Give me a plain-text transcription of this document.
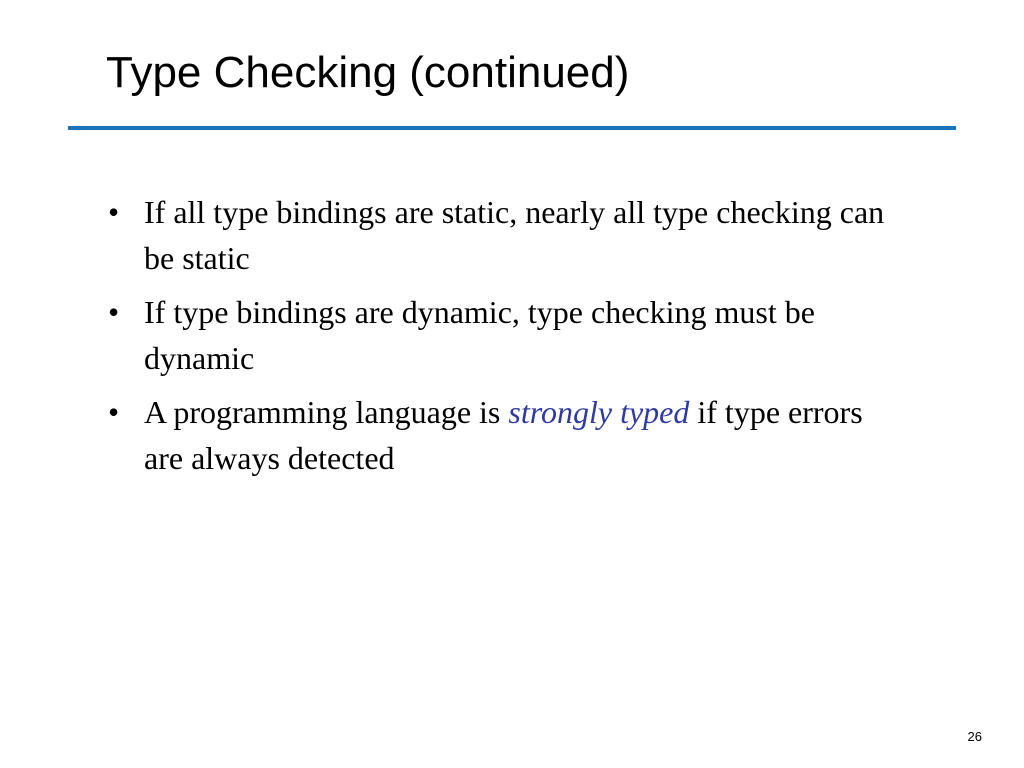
Type Checking (continued)
• If all type bindings are static, nearly all type checking can be static
• If type bindings are dynamic, type checking must be dynamic
• A programming language is strongly typed if type errors are always detected
26
